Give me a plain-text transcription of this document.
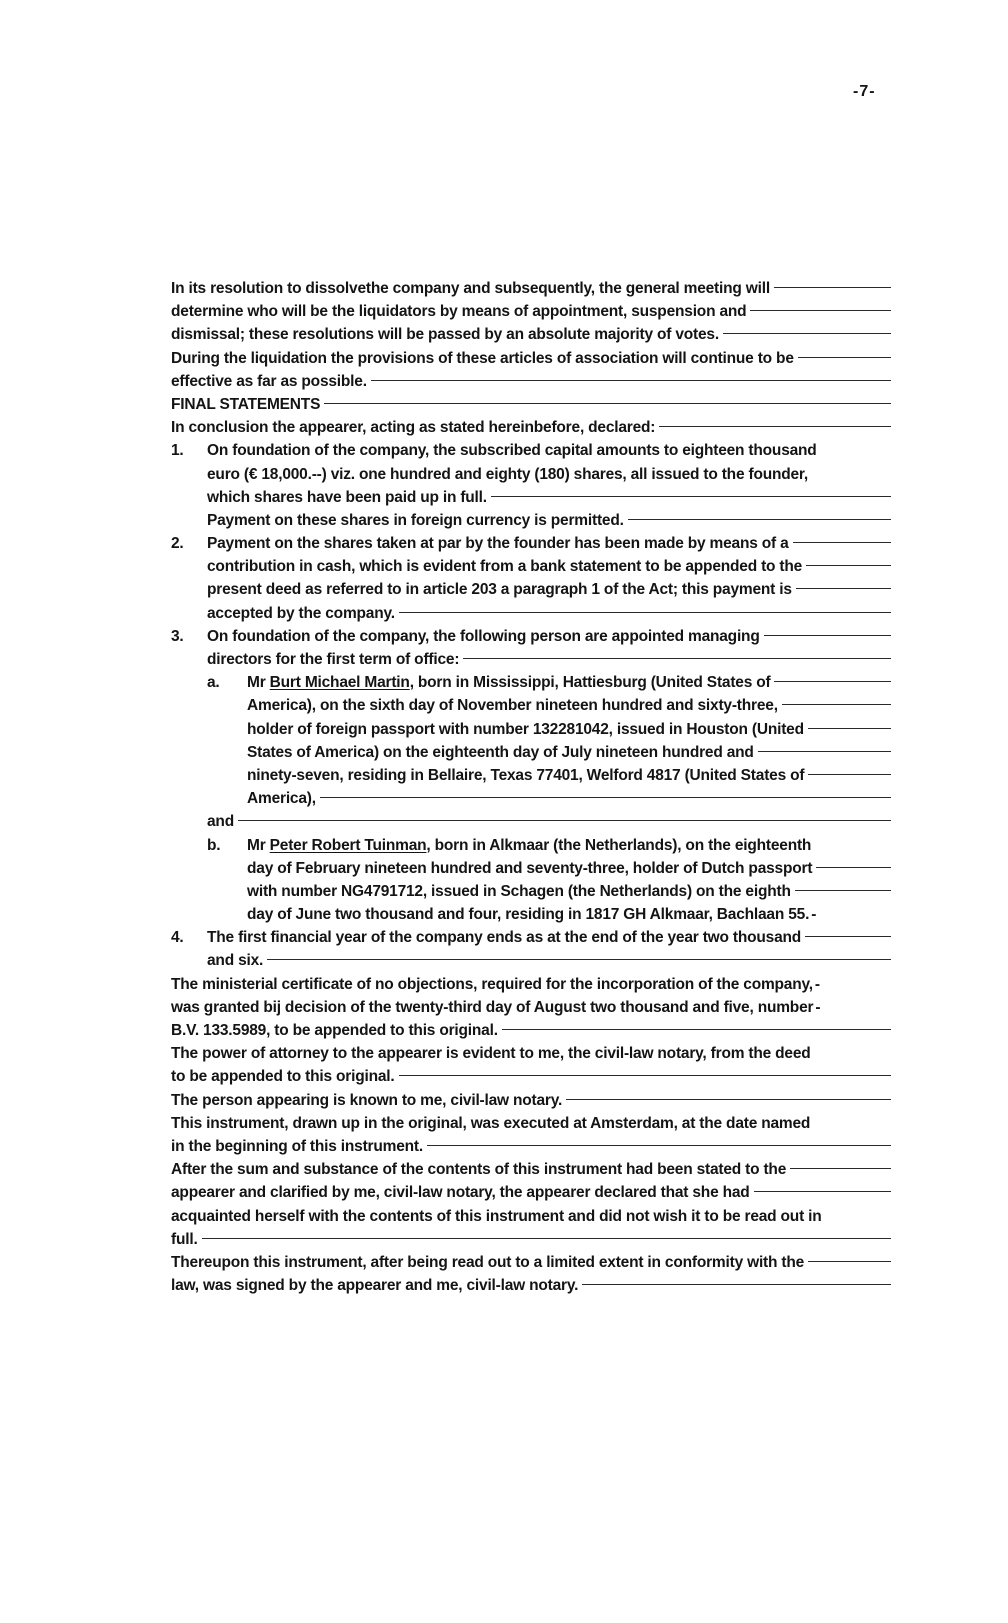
-7-
In its resolution to dissolvethe company and subsequently, the general meeting will
determine who will be the liquidators by means of appointment, suspension and
dismissal; these resolutions will be passed by an absolute majority of votes.
During the liquidation the provisions of these articles of association will continue to be
effective as far as possible.
FINAL STATEMENTS
In conclusion the appearer, acting as stated hereinbefore, declared:
1. On foundation of the company, the subscribed capital amounts to eighteen thousand
euro (€ 18,000.--) viz. one hundred and eighty (180) shares, all issued to the founder,
which shares have been paid up in full.
Payment on these shares in foreign currency is permitted.
2. Payment on the shares taken at par by the founder has been made by means of a
contribution in cash, which is evident from a bank statement to be appended to the
present deed as referred to in article 203 a paragraph 1 of the Act; this payment is
accepted by the company.
3. On foundation of the company, the following person are appointed managing
directors for the first term of office:
a. Mr Burt Michael Martin, born in Mississippi, Hattiesburg (United States of
America), on the sixth day of November nineteen hundred and sixty-three,
holder of foreign passport with number 132281042, issued in Houston (United
States of America) on the eighteenth day of July nineteen hundred and
ninety-seven, residing in Bellaire, Texas 77401, Welford 4817 (United States of
America),
and
b. Mr Peter Robert Tuinman, born in Alkmaar (the Netherlands), on the eighteenth
day of February nineteen hundred and seventy-three, holder of Dutch passport
with number NG4791712, issued in Schagen (the Netherlands) on the eighth
day of June two thousand and four, residing in 1817 GH Alkmaar, Bachlaan 55. -
4. The first financial year of the company ends as at the end of the year two thousand
and six.
The ministerial certificate of no objections, required for the incorporation of the company, -
was granted bij decision of the twenty-third day of August two thousand and five, number -
B.V. 133.5989, to be appended to this original.
The power of attorney to the appearer is evident to me, the civil-law notary, from the deed
to be appended to this original.
The person appearing is known to me, civil-law notary.
This instrument, drawn up in the original, was executed at Amsterdam, at the date named
in the beginning of this instrument.
After the sum and substance of the contents of this instrument had been stated to the
appearer and clarified by me, civil-law notary, the appearer declared that she had
acquainted herself with the contents of this instrument and did not wish it to be read out in
full.
Thereupon this instrument, after being read out to a limited extent in conformity with the
law, was signed by the appearer and me, civil-law notary.
